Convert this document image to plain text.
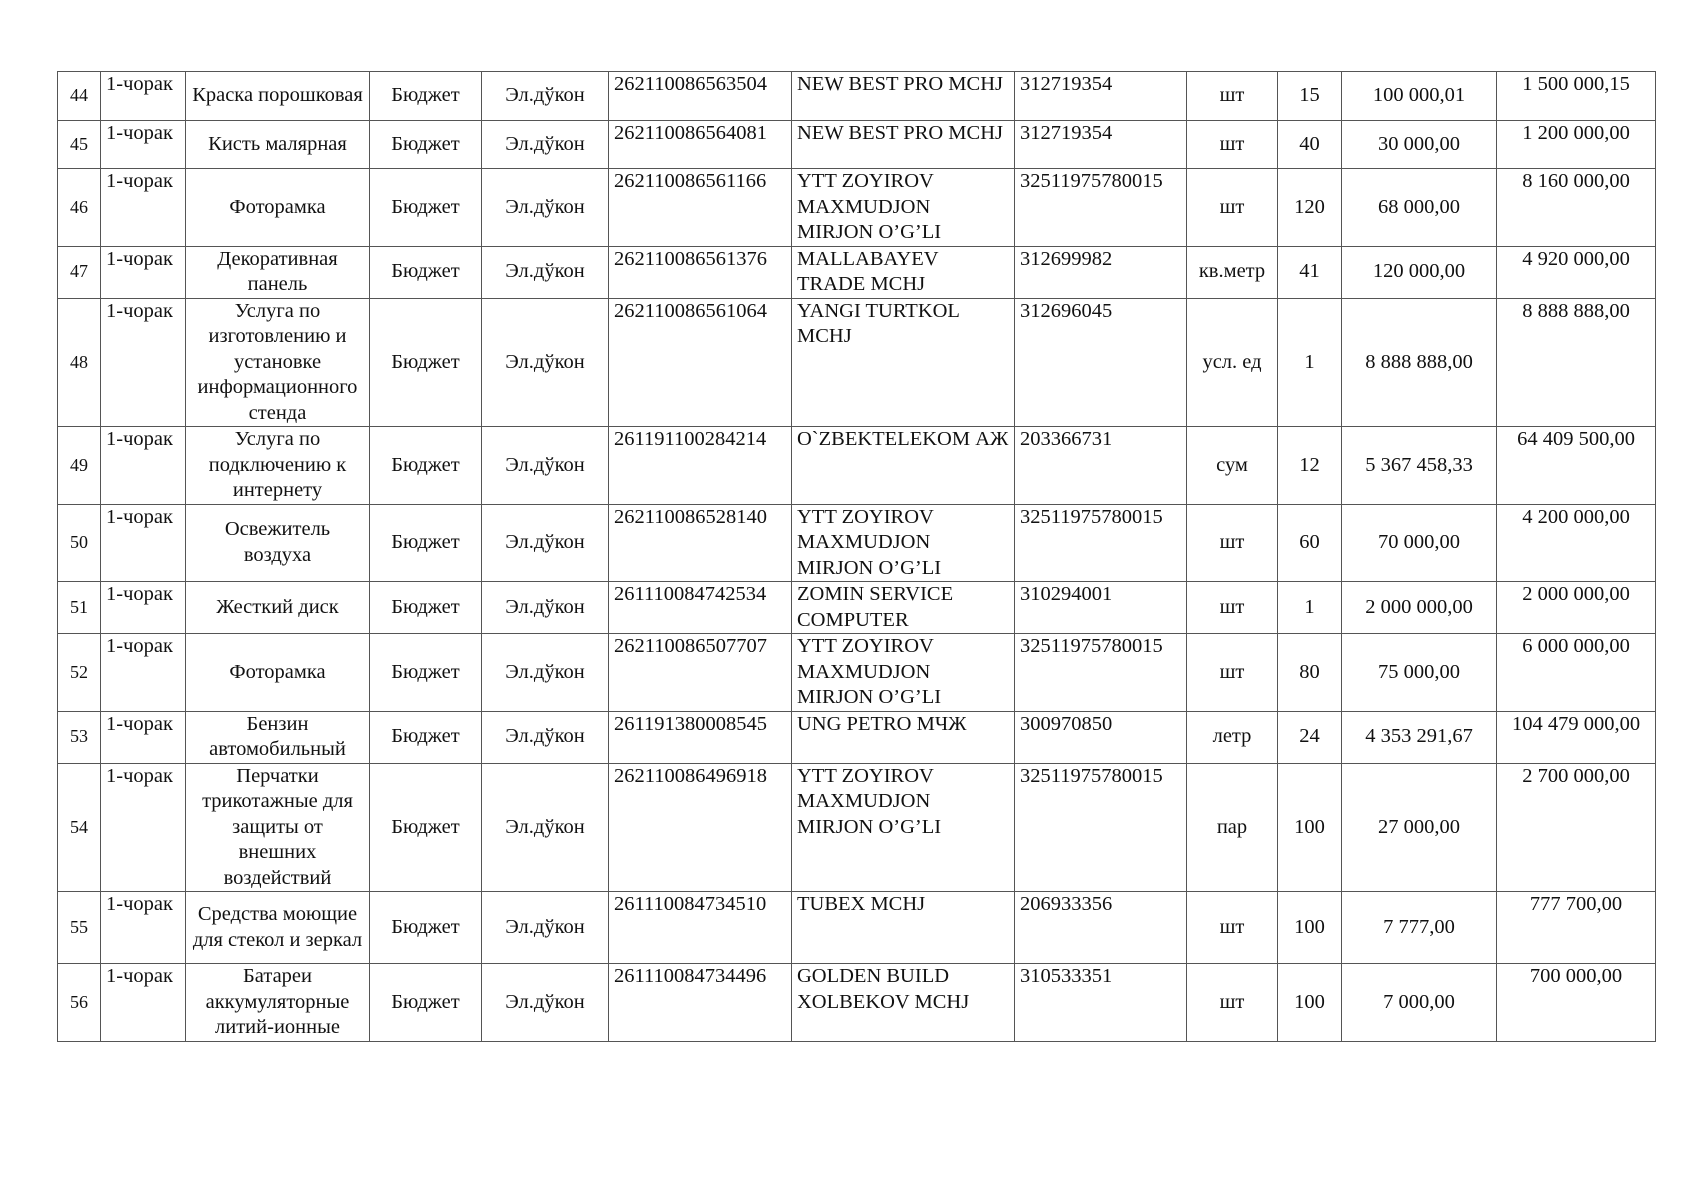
44	1-чорак	Краска порошковая	Бюджет	Эл.дўкон	262110086563504	NEW BEST PRO MCHJ	312719354	шт	15	100 000,01	1 500 000,15
45	1-чорак	Кисть малярная	Бюджет	Эл.дўкон	262110086564081	NEW BEST PRO MCHJ	312719354	шт	40	30 000,00	1 200 000,00
46	1-чорак	Фоторамка	Бюджет	Эл.дўкон	262110086561166	YTT ZOYIROV MAXMUDJON MIRJON O’G’LI	32511975780015	шт	120	68 000,00	8 160 000,00
47	1-чорак	Декоративная панель	Бюджет	Эл.дўкон	262110086561376	MALLABAYEV TRADE MCHJ	312699982	кв.метр	41	120 000,00	4 920 000,00
48	1-чорак	Услуга по изготовлению и установке информационного стенда	Бюджет	Эл.дўкон	262110086561064	YANGI TURTKOL MCHJ	312696045	усл. ед	1	8 888 888,00	8 888 888,00
49	1-чорак	Услуга по подключению к интернету	Бюджет	Эл.дўкон	261191100284214	O`ZBEKTELEKOM АЖ	203366731	сум	12	5 367 458,33	64 409 500,00
50	1-чорак	Освежитель воздуха	Бюджет	Эл.дўкон	262110086528140	YTT ZOYIROV MAXMUDJON MIRJON O’G’LI	32511975780015	шт	60	70 000,00	4 200 000,00
51	1-чорак	Жесткий диск	Бюджет	Эл.дўкон	261110084742534	ZOMIN SERVICE COMPUTER	310294001	шт	1	2 000 000,00	2 000 000,00
52	1-чорак	Фоторамка	Бюджет	Эл.дўкон	262110086507707	YTT ZOYIROV MAXMUDJON MIRJON O’G’LI	32511975780015	шт	80	75 000,00	6 000 000,00
53	1-чорак	Бензин автомобильный	Бюджет	Эл.дўкон	261191380008545	UNG PETRO МЧЖ	300970850	летр	24	4 353 291,67	104 479 000,00
54	1-чорак	Перчатки трикотажные для защиты от внешних воздействий	Бюджет	Эл.дўкон	262110086496918	YTT ZOYIROV MAXMUDJON MIRJON O’G’LI	32511975780015	пар	100	27 000,00	2 700 000,00
55	1-чорак	Средства моющие для стекол и зеркал	Бюджет	Эл.дўкон	261110084734510	TUBEX MCHJ	206933356	шт	100	7 777,00	777 700,00
56	1-чорак	Батареи аккумуляторные литий-ионные	Бюджет	Эл.дўкон	261110084734496	GOLDEN BUILD XOLBEKOV MCHJ	310533351	шт	100	7 000,00	700 000,00
